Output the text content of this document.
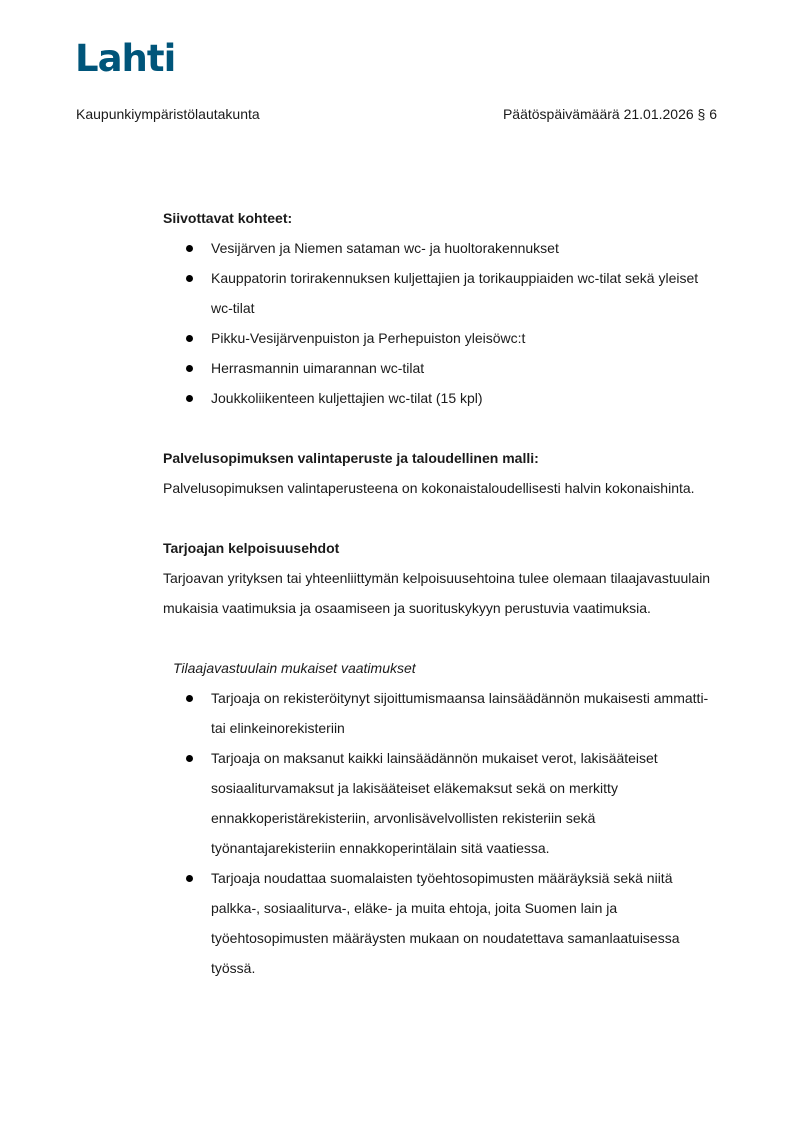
Lahti
Kaupunkiympäristölautakunta	Päätöspäivämäärä 21.01.2026 § 6

Siivottavat kohteet:

Vesijärven ja Niemen sataman wc- ja huoltorakennukset
Kauppatorin torirakennuksen kuljettajien ja torikauppiaiden wc-tilat sekä yleiset wc-tilat
Pikku-Vesijärvenpuiston ja Perhepuiston yleisöwc:t
Herrasmannin uimarannan wc-tilat
Joukkoliikenteen kuljettajien wc-tilat (15 kpl)

Palvelusopimuksen valintaperuste ja taloudellinen malli:

Palvelusopimuksen valintaperusteena on kokonaistaloudellisesti halvin kokonaishinta.

Tarjoajan kelpoisuusehdot

Tarjoavan yrityksen tai yhteenliittymän kelpoisuusehtoina tulee olemaan tilaajavastuulain mukaisia vaatimuksia ja osaamiseen ja suorituskykyyn perustuvia vaatimuksia.

Tilaajavastuulain mukaiset vaatimukset

Tarjoaja on rekisteröitynyt sijoittumismaansa lainsäädännön mukaisesti ammatti- tai elinkeinorekisteriin
Tarjoaja on maksanut kaikki lainsäädännön mukaiset verot, lakisääteiset sosiaaliturvamaksut ja lakisääteiset eläkemaksut sekä on merkitty ennakkoperistärekisteriin, arvonlisävelvollisten rekisteriin sekä työnantajarekisteriin ennakkoperintälain sitä vaatiessa.
Tarjoaja noudattaa suomalaisten työehtosopimusten määräyksiä sekä niitä palkka-, sosiaaliturva-, eläke- ja muita ehtoja, joita Suomen lain ja työehtosopimusten määräysten mukaan on noudatettava samanlaatuisessa työssä.
